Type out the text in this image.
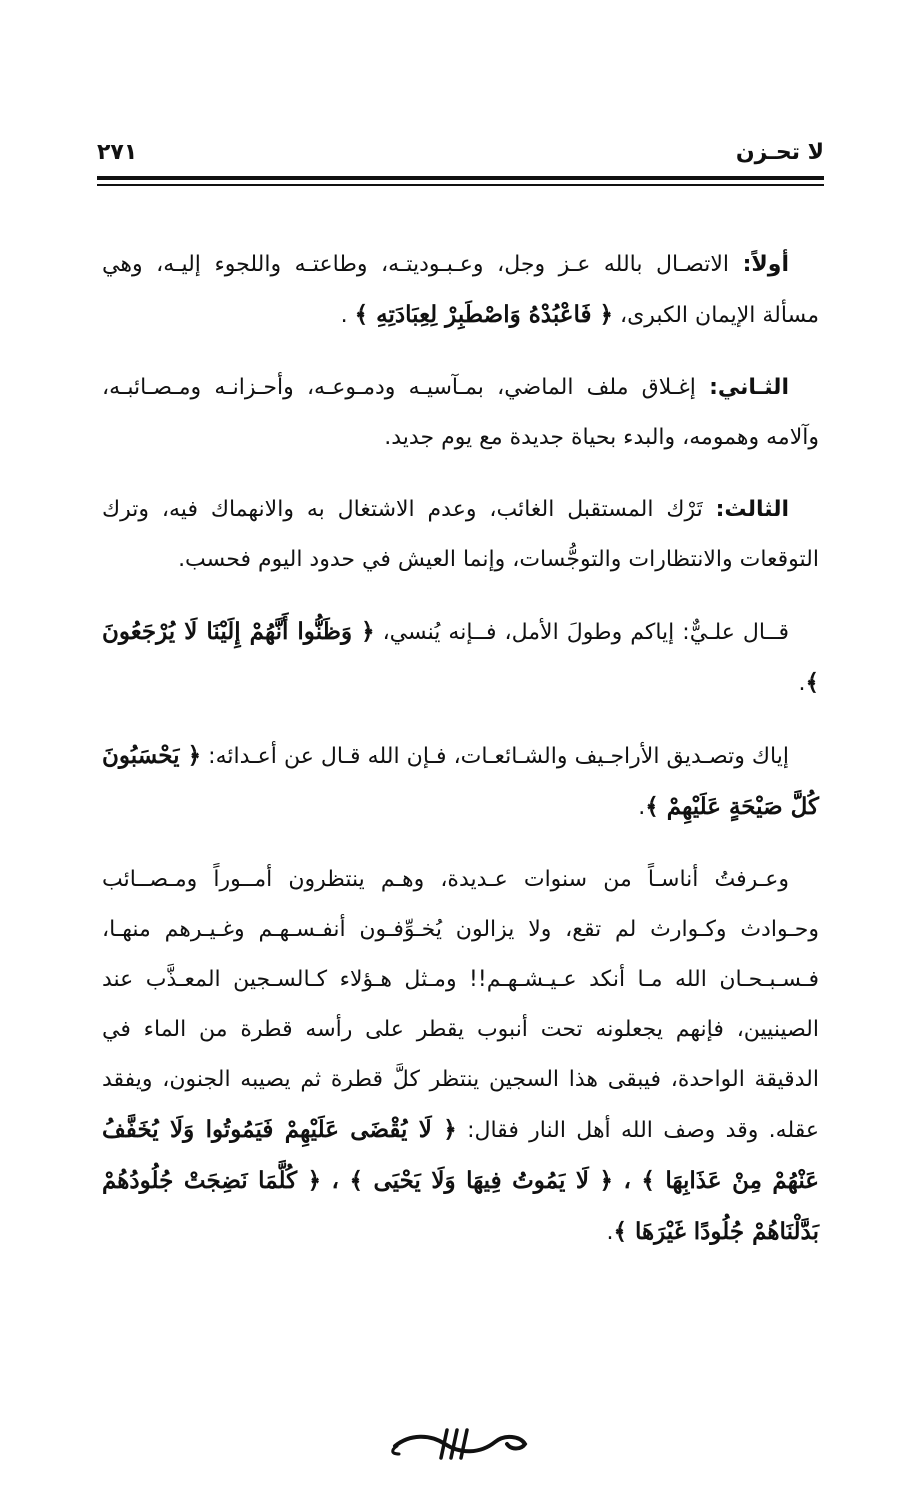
لا تحـزن
٢٧١

أولاً: الاتصـال بالله عـز وجل، وعـبـوديتـه، وطاعتـه واللجوء إليـه، وهي مسألة الإيمان الكبرى، ﴿ فَاعْبُدْهُ وَاصْطَبِرْ لِعِبَادَتِهِ ﴾ .

الثـاني: إغـلاق ملف الماضي، بمـآسيـه ودمـوعـه، وأحـزانـه ومـصـائبـه، وآلامه وهمومه، والبدء بحياة جديدة مع يوم جديد.

الثالث: تَرْك المستقبل الغائب، وعدم الاشتغال به والانهماك فيه، وترك التوقعات والانتظارات والتوجُّسات، وإنما العيش في حدود اليوم فحسب.

قــال علـيٌّ: إياكم وطولَ الأمل، فــإنه يُنسي، ﴿ وَظَنُّوا أَنَّهُمْ إِلَيْنَا لَا يُرْجَعُونَ ﴾.

إياك وتصـديق الأراجـيف والشـائعـات، فـإن الله قـال عن أعـدائه: ﴿ يَحْسَبُونَ كُلَّ صَيْحَةٍ عَلَيْهِمْ ﴾.

وعـرفتُ أناسـاً من سنوات عـديدة، وهـم ينتظرون أمــوراً ومـصــائب وحـوادث وكـوارث لم تقع، ولا يزالون يُخـوِّفـون أنفـسـهـم وغـيـرهم منهـا، فـسـبـحـان الله مـا أنكد عـيـشـهـم!! ومـثل هـؤلاء كـالسـجين المعـذَّب عند الصينيين، فإنهم يجعلونه تحت أنبوب يقطر على رأسه قطرة من الماء في الدقيقة الواحدة، فيبقى هذا السجين ينتظر كلَّ قطرة ثم يصيبه الجنون، ويفقد عقله. وقد وصف الله أهل النار فقال: ﴿ لَا يُقْضَى عَلَيْهِمْ فَيَمُوتُوا وَلَا يُخَفَّفُ عَنْهُمْ مِنْ عَذَابِهَا ﴾ ، ﴿ لَا يَمُوتُ فِيهَا وَلَا يَحْيَى ﴾ ، ﴿ كُلَّمَا نَضِجَتْ جُلُودُهُمْ بَدَّلْنَاهُمْ جُلُودًا غَيْرَهَا ﴾.
